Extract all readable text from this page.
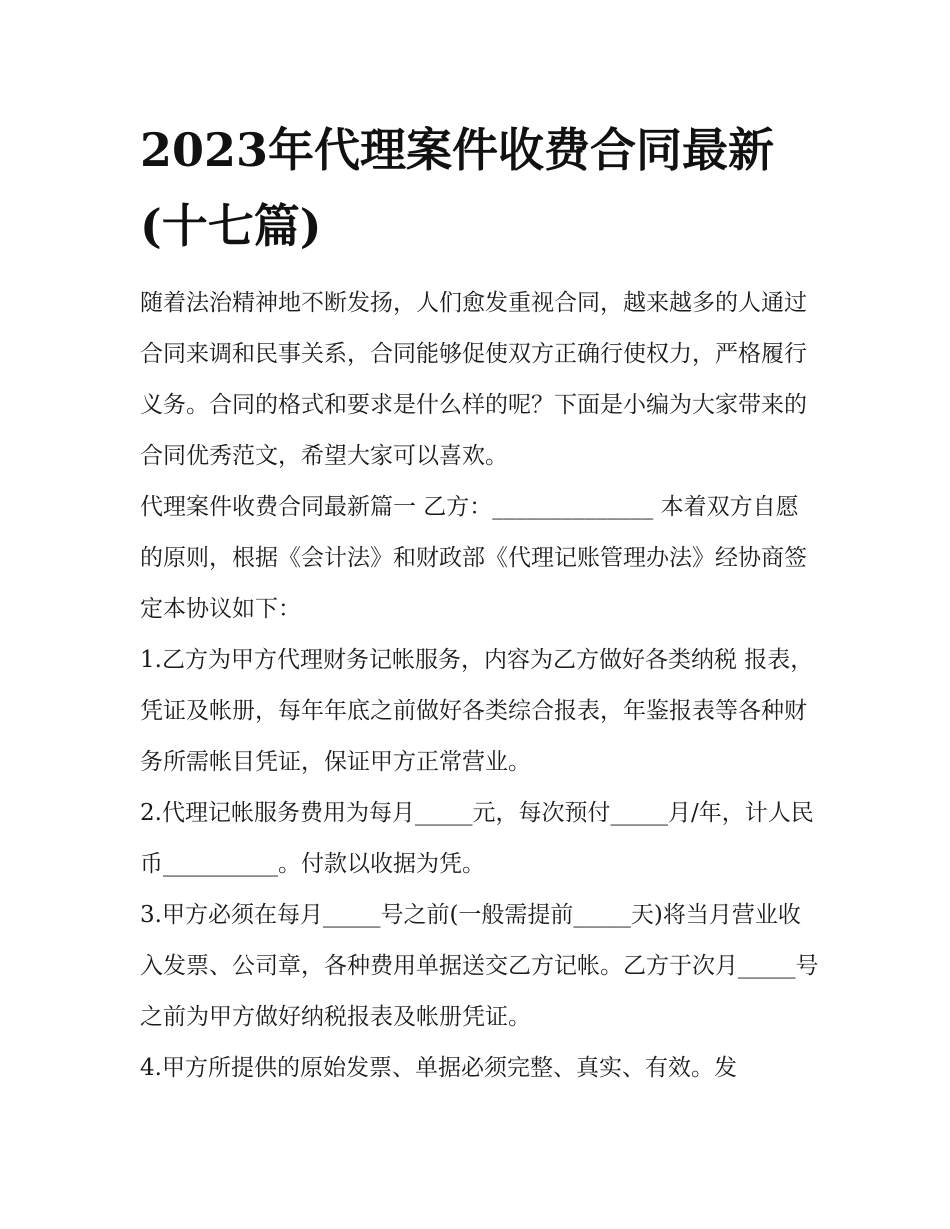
2023年代理案件收费合同最新(十七篇)

随着法治精神地不断发扬，人们愈发重视合同，越来越多的人通过合同来调和民事关系，合同能够促使双方正确行使权力，严格履行义务。合同的格式和要求是什么样的呢？下面是小编为大家带来的合同优秀范文，希望大家可以喜欢。

代理案件收费合同最新篇一 乙方：______________ 本着双方自愿的原则，根据《会计法》和财政部《代理记账管理办法》经协商签定本协议如下：

1.乙方为甲方代理财务记帐服务，内容为乙方做好各类纳税 报表，凭证及帐册，每年年底之前做好各类综合报表，年鉴报表等各种财务所需帐目凭证，保证甲方正常营业。

2.代理记帐服务费用为每月_____元，每次预付_____月/年，计人民币__________。付款以收据为凭。

3.甲方必须在每月_____号之前(一般需提前_____天)将当月营业收入发票、公司章，各种费用单据送交乙方记帐。乙方于次月_____号之前为甲方做好纳税报表及帐册凭证。

4.甲方所提供的原始发票、单据必须完整、真实、有效。发
